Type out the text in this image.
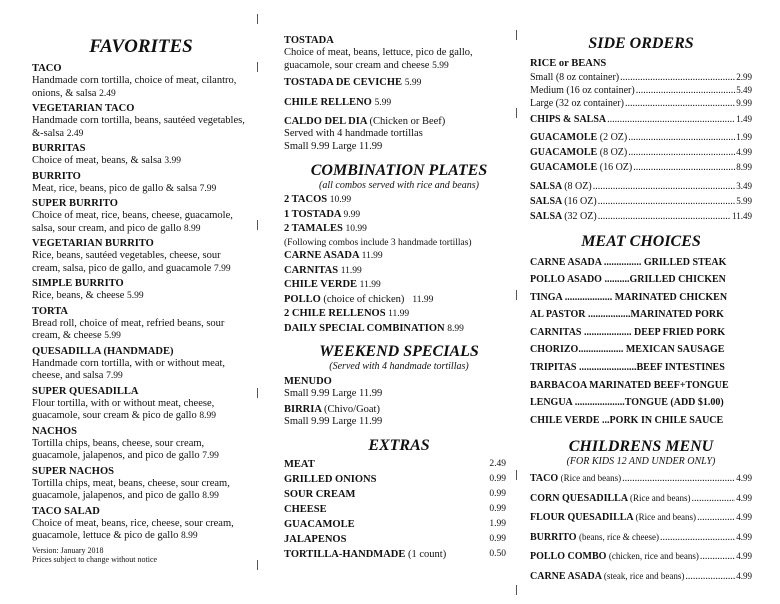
FAVORITES
TACO
Handmade corn tortilla, choice of meat, cilantro, onions, & salsa 2.49
VEGETARIAN TACO
Handmade corn tortilla, beans, sautéed vegetables, &-salsa 2.49
BURRITAS
Choice of meat, beans, & salsa 3.99
BURRITO
Meat, rice, beans, pico de gallo & salsa 7.99
SUPER BURRITO
Choice of meat, rice, beans, cheese, guacamole, salsa, sour cream, and pico de gallo 8.99
VEGETARIAN BURRITO
Rice, beans, sautéed vegetables, cheese, sour cream, salsa, pico de gallo, and guacamole 7.99
SIMPLE BURRITO
Rice, beans, & cheese 5.99
TORTA
Bread roll, choice of meat, refried beans, sour cream, & cheese 5.99
QUESADILLA (HANDMADE)
Handmade corn tortilla, with or without meat, cheese, and salsa 7.99
SUPER QUESADILLA
Flour tortilla, with or without meat, cheese, guacamole, sour cream & pico de gallo 8.99
NACHOS
Tortilla chips, beans, cheese, sour cream, guacamole, jalapenos, and pico de gallo 7.99
SUPER NACHOS
Tortilla chips, meat, beans, cheese, sour cream, guacamole, jalapenos, and pico de gallo 8.99
TACO SALAD
Choice of meat, beans, rice, cheese, sour cream, guacamole, lettuce & pico de gallo 8.99
Version: January 2018
Prices subject to change without notice
TOSTADA
Choice of meat, beans, lettuce, pico de gallo, guacamole, sour cream and cheese 5.99
TOSTADA DE CEVICHE 5.99
CHILE RELLENO 5.99
CALDO DEL DIA (Chicken or Beef)
Served with 4 handmade tortillas
Small 9.99 Large 11.99
COMBINATION PLATES
(all combos served with rice and beans)
2 TACOS 10.99
1 TOSTADA 9.99
2 TAMALES 10.99
(Following combos include 3 handmade tortillas)
CARNE ASADA 11.99
CARNITAS 11.99
CHILE VERDE 11.99
POLLO (choice of chicken) 11.99
2 CHILE RELLENOS 11.99
DAILY SPECIAL COMBINATION 8.99
WEEKEND SPECIALS
(Served with 4 handmade tortillas)
MENUDO
Small 9.99 Large 11.99
BIRRIA (Chivo/Goat)
Small 9.99 Large 11.99
EXTRAS
MEAT	2.49
GRILLED ONIONS	0.99
SOUR CREAM	0.99
CHEESE	0.99
GUACAMOLE	1.99
JALAPENOS	0.99
TORTILLA-HANDMADE (1 count)	0.50
SIDE ORDERS
RICE or BEANS
Small (8 oz container) .....	2.99
Medium (16 oz container) .....	5.49
Large (32 oz container) .....	9.99
CHIPS & SALSA .....	1.49
GUACAMOLE (2 OZ) .....	1.99
GUACAMOLE (8 OZ) .....	4.99
GUACAMOLE (16 OZ) .....	8.99
SALSA (8 OZ) .....	3.49
SALSA (16 OZ) .....	5.99
SALSA (32 OZ) .....	11.49
MEAT CHOICES
CARNE ASADA ............... GRILLED STEAK
POLLO ASADO ..........GRILLED CHICKEN
TINGA ................... MARINATED CHICKEN
AL PASTOR .................MARINATED PORK
CARNITAS ................... DEEP FRIED PORK
CHORIZO.................. MEXICAN SAUSAGE
TRIPITAS .......................BEEF INTESTINES
BARBACOA MARINATED BEEF+TONGUE
LENGUA ....................TONGUE (ADD $1.00)
CHILE VERDE ...PORK IN CHILE SAUCE
CHILDRENS MENU
(FOR KIDS 12 AND UNDER ONLY)
TACO (Rice and beans) .....	4.99
CORN QUESADILLA (Rice and beans) .....	4.99
FLOUR QUESADILLA (Rice and beans) .....	4.99
BURRITO (beans, rice & cheese) .....	4.99
POLLO COMBO (chicken, rice and beans) .....	4.99
CARNE ASADA (steak, rice and beans) .....	4.99
